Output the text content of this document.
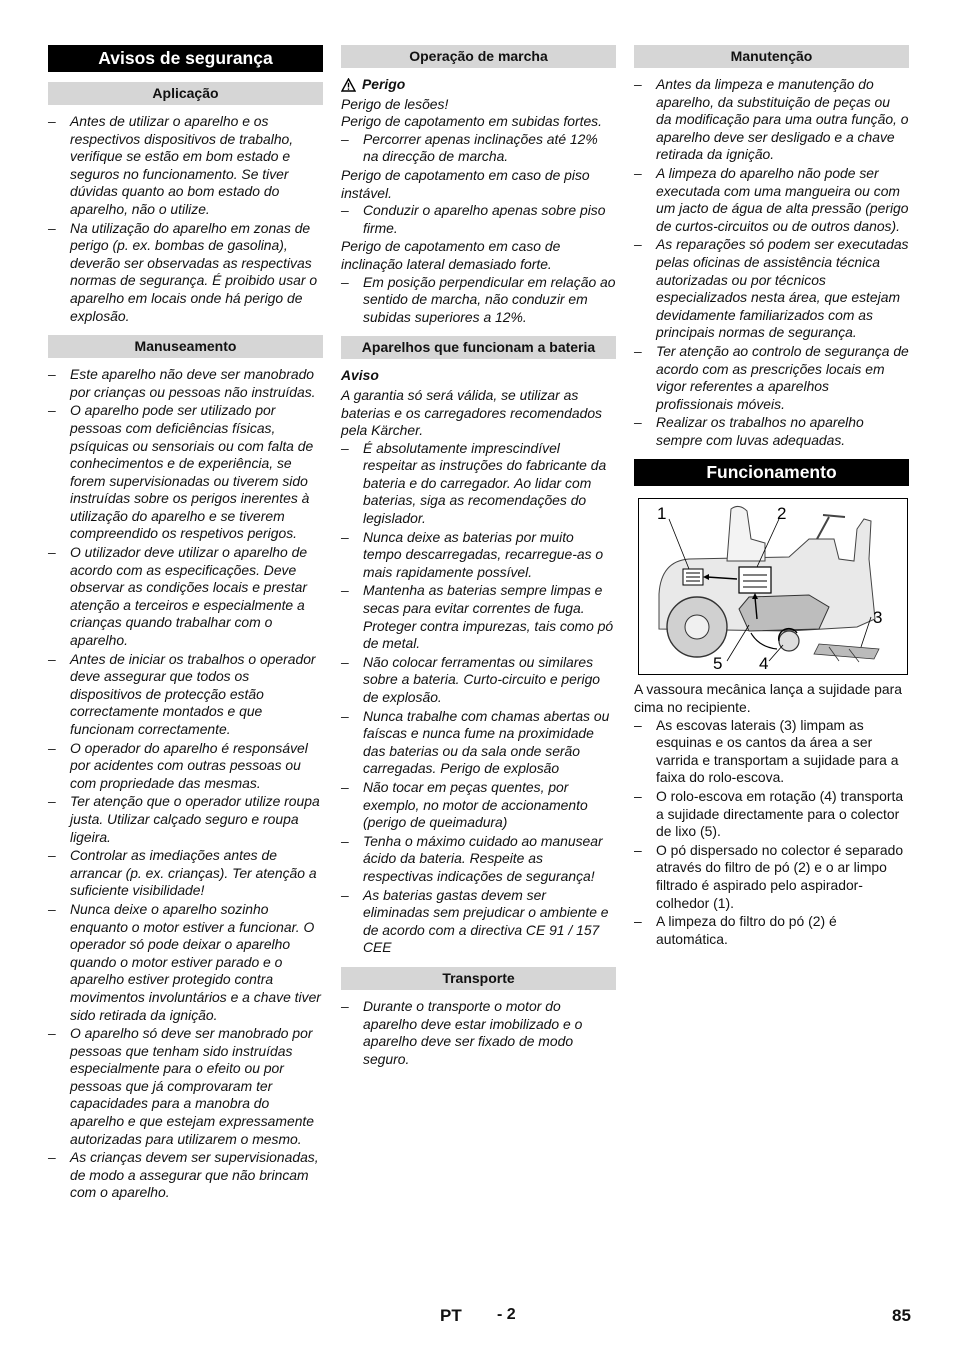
Avisos de segurança
Aplicação
– Antes de utilizar o aparelho e os respectivos dispositivos de trabalho, verifique se estão em bom estado e seguros no funcionamento. Se tiver dúvidas quanto ao bom estado do aparelho, não o utilize.
– Na utilização do aparelho em zonas de perigo (p. ex. bombas de gasolina), deverão ser observadas as respectivas normas de segurança. É proibido usar o aparelho em locais onde há perigo de explosão.
Manuseamento
– Este aparelho não deve ser manobrado por crianças ou pessoas não instruídas.
– O aparelho pode ser utilizado por pessoas com deficiências físicas, psíquicas ou sensoriais ou com falta de conhecimentos e de experiência, se forem supervisionadas ou tiverem sido instruídas sobre os perigos inerentes à utilização do aparelho e se tiverem compreendido os respetivos perigos.
– O utilizador deve utilizar o aparelho de acordo com as especificações. Deve observar as condições locais e prestar atenção a terceiros e especialmente a crianças quando trabalhar com o aparelho.
– Antes de iniciar os trabalhos o operador deve assegurar que todos os dispositivos de protecção estão correctamente montados e que funcionam correctamente.
– O operador do aparelho é responsável por acidentes com outras pessoas ou com propriedade das mesmas.
– Ter atenção que o operador utilize roupa justa. Utilizar calçado seguro e roupa ligeira.
– Controlar as imediações antes de arrancar (p. ex. crianças). Ter atenção a suficiente visibilidade!
– Nunca deixe o aparelho sozinho enquanto o motor estiver a funcionar. O operador só pode deixar o aparelho quando o motor estiver parado e o aparelho estiver protegido contra movimentos involuntários e a chave tiver sido retirada da ignição.
– O aparelho só deve ser manobrado por pessoas que tenham sido instruídas especialmente para o efeito ou por pessoas que já comprovaram ter capacidades para a manobra do aparelho e que estejam expressamente autorizadas para utilizarem o mesmo.
– As crianças devem ser supervisionadas, de modo a assegurar que não brincam com o aparelho.
Operação de marcha
Perigo

Perigo de lesões!

Perigo de capotamento em subidas fortes.

– Percorrer apenas inclinações até 12% na direcção de marcha.

Perigo de capotamento em caso de piso instável.

– Conduzir o aparelho apenas sobre piso firme.

Perigo de capotamento em caso de inclinação lateral demasiado forte.

– Em posição perpendicular em relação ao sentido de marcha, não conduzir em subidas superiores a 12%.
Aparelhos que funcionam a bateria

Aviso

A garantia só será válida, se utilizar as baterias e os carregadores recomendados pela Kärcher.

– É absolutamente imprescindível respeitar as instruções do fabricante da bateria e do carregador. Ao lidar com baterias, siga as recomendações do legislador.
– Nunca deixe as baterias por muito tempo descarregadas, recarregue-as o mais rapidamente possível.
– Mantenha as baterias sempre limpas e secas para evitar correntes de fuga. Proteger contra impurezas, tais como pó de metal.
– Não colocar ferramentas ou similares sobre a bateria. Curto-circuito e perigo de explosão.
– Nunca trabalhe com chamas abertas ou faíscas e nunca fume na proximidade das baterias ou da sala onde serão carregadas. Perigo de explosão
– Não tocar em peças quentes, por exemplo, no motor de accionamento (perigo de queimadura)
– Tenha o máximo cuidado ao manusear ácido da bateria. Respeite as respectivas indicações de segurança!
– As baterias gastas devem ser eliminadas sem prejudicar o ambiente e de acordo com a directiva CE 91 / 157 CEE
Transporte
– Durante o transporte o motor do aparelho deve estar imobilizado e o aparelho deve ser fixado de modo seguro.
Manutenção
– Antes da limpeza e manutenção do aparelho, da substituição de peças ou da modificação para uma outra função, o aparelho deve ser desligado e a chave retirada da ignição.
– A limpeza do aparelho não pode ser executada com uma mangueira ou com um jacto de água de alta pressão (perigo de curtos-circuitos ou de outros danos).
– As reparações só podem ser executadas pelas oficinas de assistência técnica autorizadas ou por técnicos especializados nesta área, que estejam devidamente familiarizados com as principais normas de segurança.
– Ter atenção ao controlo de segurança de acordo com as prescrições locais em vigor referentes a aparelhos profissionais móveis.
– Realizar os trabalhos no aparelho sempre com luvas adequadas.
Funcionamento
1	2
3
4
5

A vassoura mecânica lança a sujidade para cima no recipiente.

– As escovas laterais (3) limpam as esquinas e os cantos da área a ser varrida e transportam a sujidade para a faixa do rolo-escova.
– O rolo-escova em rotação (4) transporta a sujidade directamente para o colector de lixo (5).
– O pó dispersado no colector é separado através do filtro de pó (2) e o ar limpo filtrado é aspirado pelo aspirador-colhedor (1).
– A limpeza do filtro do pó (2) é automática.
PT - 2	85
